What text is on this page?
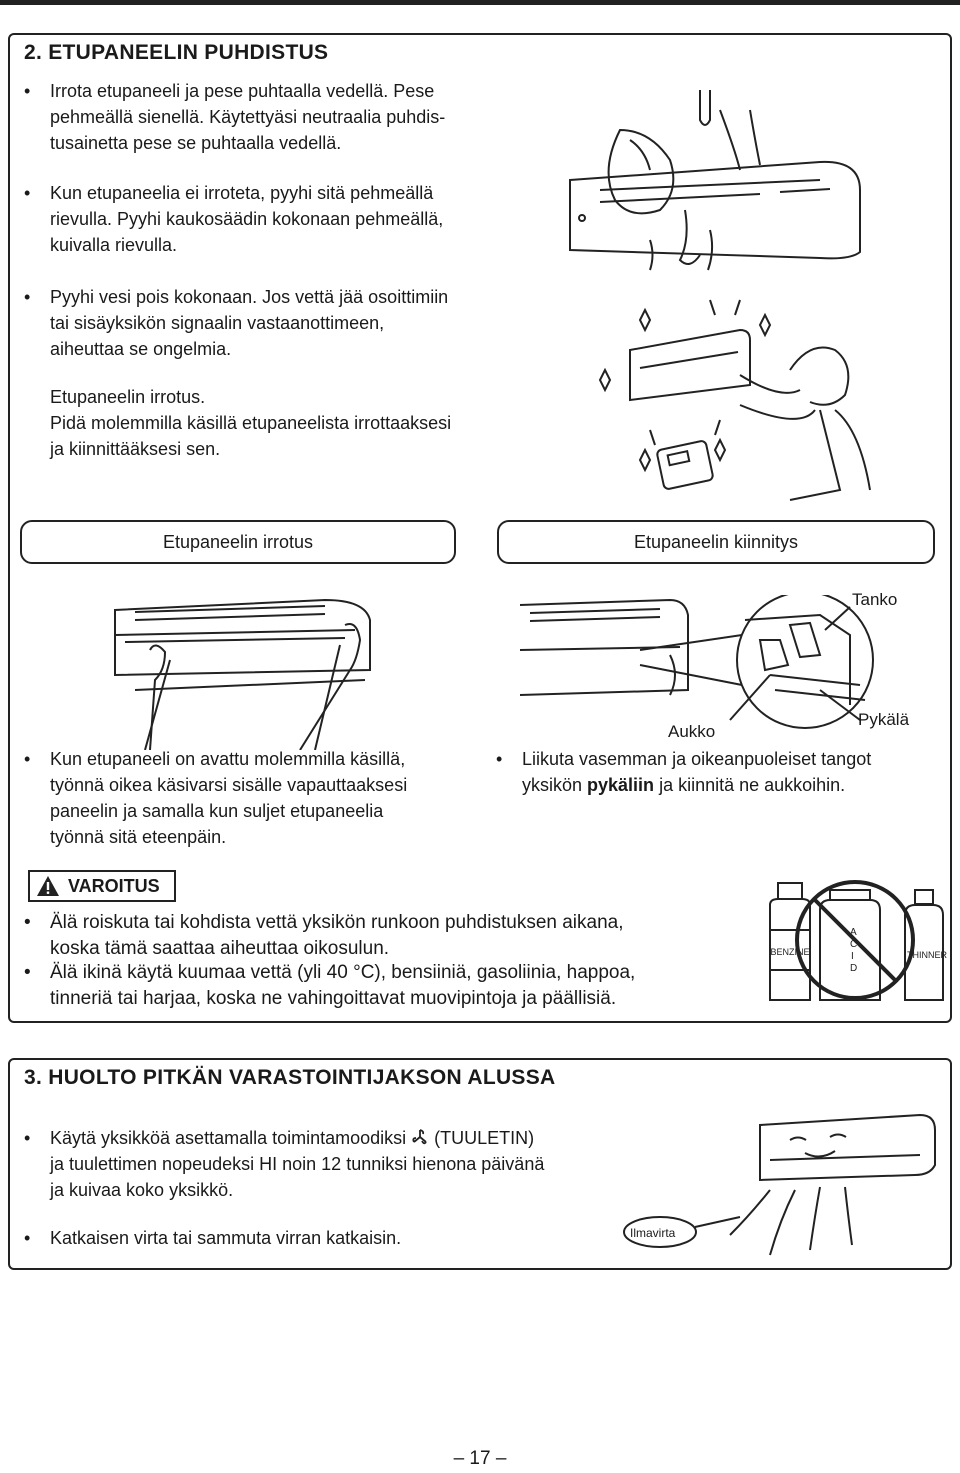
2. ETUPANEELIN PUHDISTUS
• Irrota etupaneeli ja pese puhtaalla vedellä. Pese
pehmeällä sienellä. Käytettyäsi neutraalia puhdis-
tusainetta pese se puhtaalla vedellä.
• Kun etupaneelia ei irroteta, pyyhi sitä pehmeällä
rievulla. Pyyhi kaukosäädin kokonaan pehmeällä,
kuivalla rievulla.
• Pyyhi vesi pois kokonaan. Jos vettä jää osoittimiin
tai sisäyksikön signaalin vastaanottimeen,
aiheuttaa se ongelmia.
Etupaneelin irrotus.
Pidä molemmilla käsillä etupaneelista irrottaaksesi
ja kiinnittääksesi sen.
Etupaneelin irrotus	Etupaneelin kiinnitys
Tanko
Aukko
Pykälä
• Kun etupaneeli on avattu molemmilla käsillä,
työnnä oikea käsivarsi sisälle vapauttaaksesi
paneelin ja samalla kun suljet etupaneelia
työnnä sitä eteenpäin.
• Liikuta vasemman ja oikeanpuoleiset tangot
yksikön pykäliin ja kiinnitä ne aukkoihin.
VAROITUS
• Älä roiskuta tai kohdista vettä yksikön runkoon puhdistuksen aikana,
koska tämä saattaa aiheuttaa oikosulun.
• Älä ikinä käytä kuumaa vettä (yli 40 °C), bensiiniä, gasoliinia, happoa,
tinneriä tai harjaa, koska ne vahingoittavat muovipintoja ja päällisiä.
BENZINE
A
C
I
D
THINNER
3. HUOLTO PITKÄN VARASTOINTIJAKSON ALUSSA
• Käytä yksikköä asettamalla toimintamoodiksi  (TUULETIN)
ja tuulettimen nopeudeksi HI noin 12 tunniksi hienona päivänä
ja kuivaa koko yksikkö.
• Katkaisen virta tai sammuta virran katkaisin.	Ilmavirta
– 17 –
